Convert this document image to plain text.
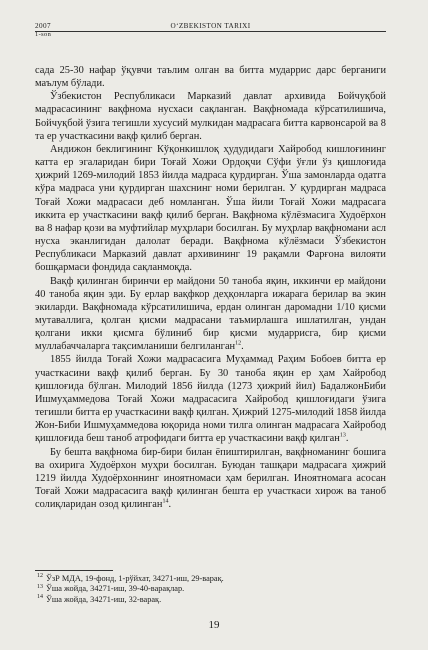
2007	O‘ZBEKISTON TARIXI
1-son

сада 25-30 нафар ўқувчи таълим олган ва битта мударрис дарс берганиги маълум бўлади.

Ўзбекистон Республикаси Марказий давлат архивида Бойчуқбой мадрасасининг вақфнома нусхаси сақланган. Вақфномада кўрсатилишича, Бойчуқбой ўзига тегишли хусусий мулкидан мадрасага битта карвонсарой ва 8 та ер участкасини вақф қилиб берган.

Андижон беклигининг Кўқонкишлоқ ҳудудидаги Хайробод кишлоғининг катта ер эгаларидан бири Тоғай Хожи Ордоқчи Сўфи ўғли ўз қишлоғида ҳижрий 1269-милодий 1853 йилда мадраса қурдирган. Ўша замонларда одатга кўра мадраса уни қурдирган шахснинг номи берилган. У қурдирган мадраса Тоғай Хожи мадрасаси деб номланган. Ўша йили Тоғай Хожи мадрасага иккита ер участкасини вақф қилиб берган. Вақфнома кўлёзмасига Худоёрхон ва 8 нафар қози ва муфтийлар муҳрлари босилган. Бу муҳрлар вақфномани асл нусха эканлигидан далолат беради. Вақфнома кўлёзмаси Ўзбекистон Республикаси Марказий давлат архивининг 19 рақамли Фарғона вилояти бошқармаси фондида сақланмоқда.

Вақф қилинган биринчи ер майдони 50 таноба яқин, иккинчи ер майдони 40 таноба яқин эди. Бу ерлар вақфкор деҳқонларга ижарага берилар ва экин экиларди. Вақфномада кўрсатилишича, ердан олинган даромадни 1/10 қисми мутаваллига, қолган қисми мадрасани таъмирлашга ишлатилган, ундан қолгани икки қисмга бўлиниб бир қисми мударрисга, бир қисми муллабаччаларга тақсимланиши белгиланган$^{12}$.

1855 йилда Тоғай Хожи мадрасасига Муҳаммад Раҳим Бобоев битта ер участкасини вақф қилиб берган. Бу 30 таноба яқин ер ҳам Хайробод қишлоғида бўлган. Милодий 1856 йилда (1273 ҳижрий йил) БадалжонБиби Ишмуҳаммедова Тоғай Хожи мадрасасига Хайробод қишлоғидаги ўзига тегишли битта ер участкасини вақф қилган. Ҳижрий 1275-милодий 1858 йилда Жон-Биби Ишмуҳаммедова юқорида номи тилга олинган мадрасага Хайробод қишлоғида беш таноб атрофидаги битта ер участкасини вақф қилган$^{13}$.

Бу бешта вақфнома бир-бири билан ёпиштирилган, вақфноманинг бошига ва охирига Худоёрхон муҳри босилган. Буюдан ташқари мадрасага ҳижрий 1219 йилда Худоёрхоннинг иноятномаси ҳам берилган. Иноятномага асосан Тоғай Хожи мадрасасига вақф қилинган бешта ер участкаси хирож ва таноб солиқларидан озод қилинган$^{14}$.

$^{12}$ ЎзР МДА, 19-фонд, 1-рўйхат, 34271-иш, 29-варақ.
$^{13}$ Ўша жойда, 34271-иш, 39-40-варақлар.
$^{14}$ Ўша жойда, 34271-иш, 32-варақ.
19
